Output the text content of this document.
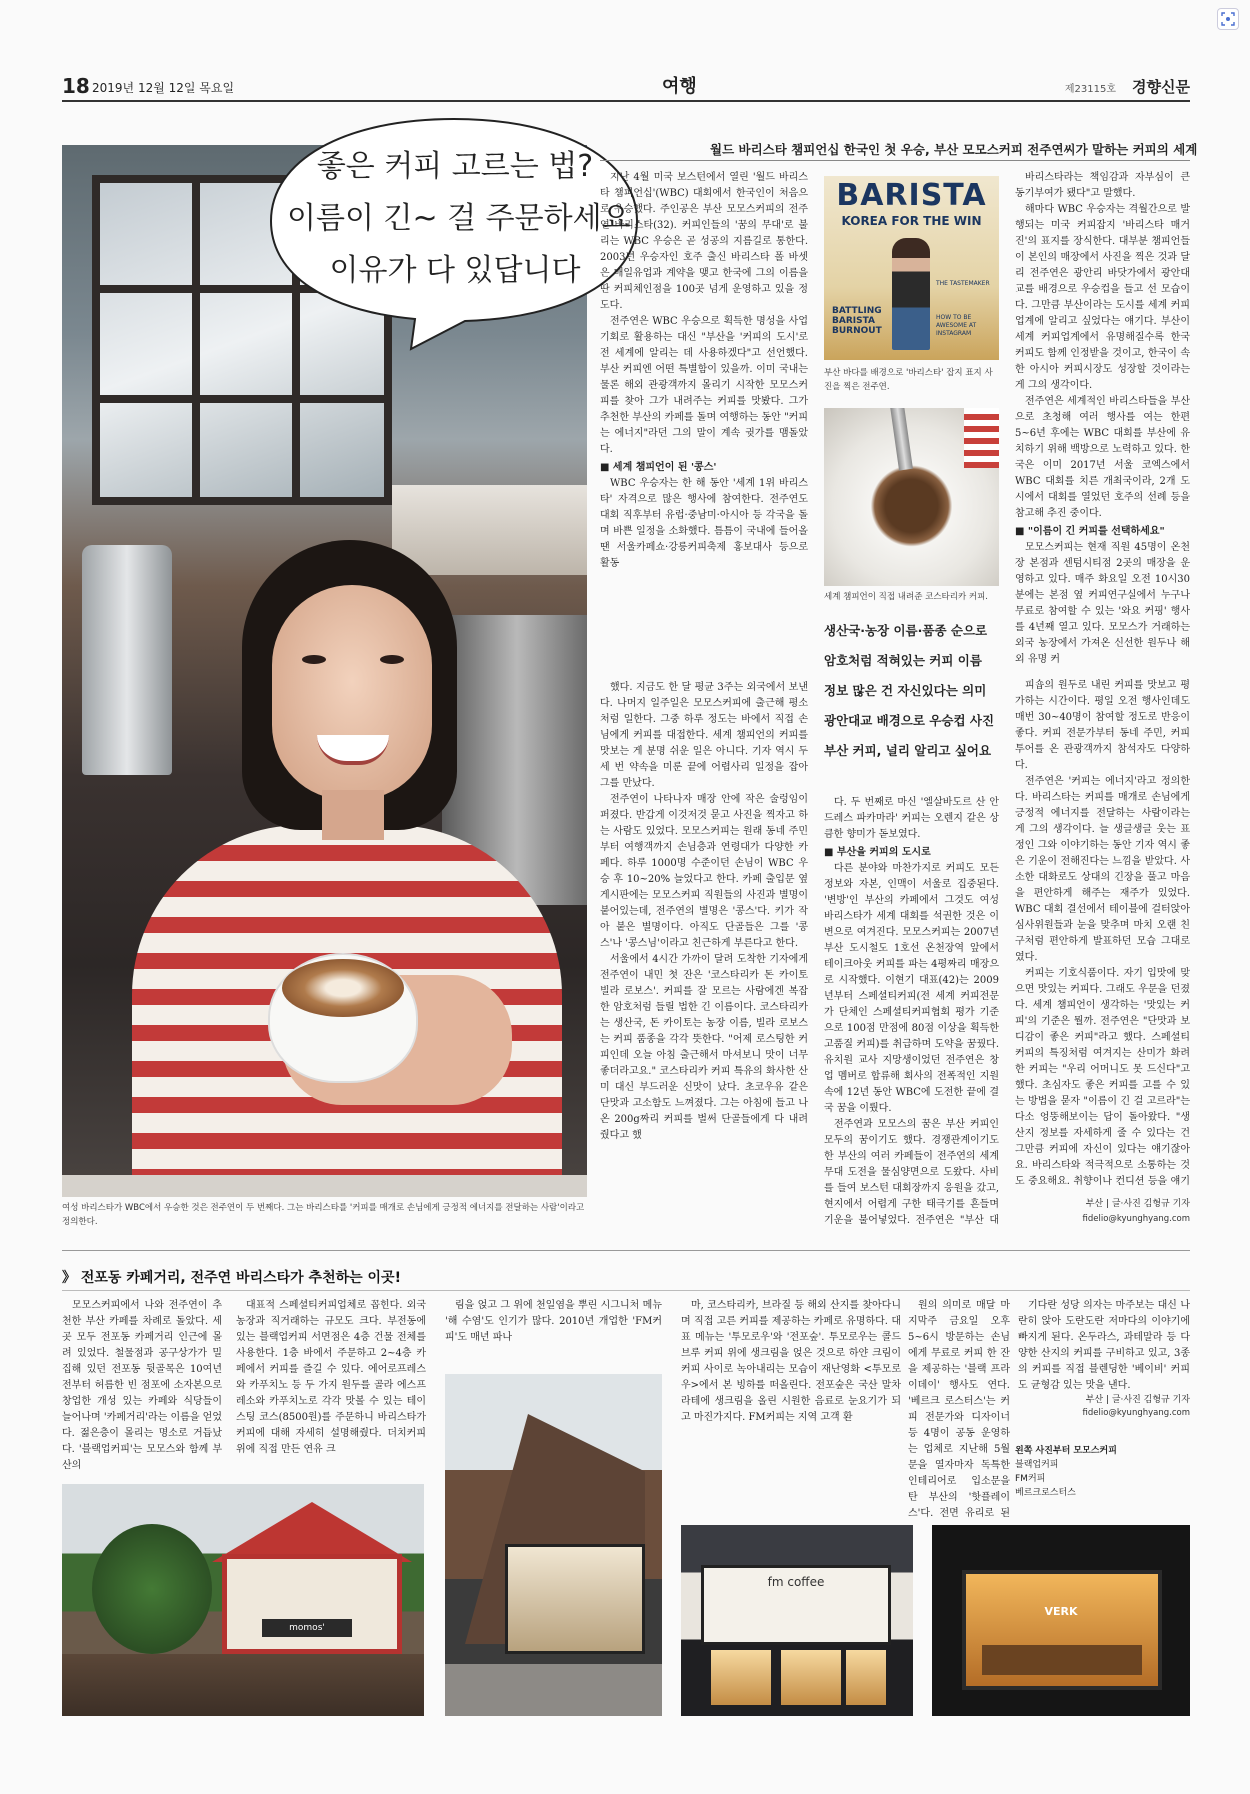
18 2019년 12월 12일 목요일	여행	제23115호 경향신문
좋은 커피 고르는 법?
이름이 긴~ 걸 주문하세요
이유가 다 있답니다
여성 바리스타가 WBC에서 우승한 것은 전주연이 두 번째다. 그는 바리스타를 '커피를 매개로 손님에게 긍정적 에너지를 전달하는 사람'이라고 정의한다.
월드 바리스타 챔피언십 한국인 첫 우승, 부산 모모스커피 전주연씨가 말하는 커피의 세계

지난 4월 미국 보스턴에서 열린 '월드 바리스타 챔피언십'(WBC) 대회에서 한국인이 처음으로 우승했다. 주인공은 부산 모모스커피의 전주연 바리스타(32). 커피인들의 '꿈의 무대'로 불리는 WBC 우승은 곧 성공의 지름길로 통한다. 2003년 우승자인 호주 출신 바리스타 폴 바셋은 매일유업과 계약을 맺고 한국에 그의 이름을 딴 커피체인점을 100곳 넘게 운영하고 있을 정도다.

전주연은 WBC 우승으로 획득한 명성을 사업 기회로 활용하는 대신 "부산을 '커피의 도시'로 전 세계에 알리는 데 사용하겠다"고 선언했다. 부산 커피엔 어떤 특별함이 있을까. 이미 국내는 물론 해외 관광객까지 몰리기 시작한 모모스커피를 찾아 그가 내려주는 커피를 맛봤다. 그가 추천한 부산의 카페를 돌며 여행하는 동안 "커피는 에너지"라던 그의 말이 계속 귓가를 맴돌았다.

■ 세계 챔피언이 된 '콩스'

WBC 우승자는 한 해 동안 '세계 1위 바리스타' 자격으로 많은 행사에 참여한다. 전주연도 대회 직후부터 유럽·중남미·아시아 등 각국을 돌며 바쁜 일정을 소화했다. 틈틈이 국내에 들어올 땐 서울카페쇼·강릉커피축제 홍보대사 등으로 활동

BARISTA
KOREA FOR THE WIN
THE TASTEMAKER
BATTLING BARISTA BURNOUT
HOW TO BE AWESOME AT INSTAGRAM
부산 바다를 배경으로 '바리스타' 잡지 표지 사진을 찍은 전주연.
세계 챔피언이 직접 내려준 코스타리카 커피.
생산국·농장 이름·품종 순으로
암호처럼 적혀있는 커피 이름
정보 많은 건 자신있다는 의미
광안대교 배경으로 우승컵 사진
부산 커피, 널리 알리고 싶어요

했다. 지금도 한 달 평균 3주는 외국에서 보낸다. 나머지 일주일은 모모스커피에 출근해 평소처럼 일한다. 그중 하루 정도는 바에서 직접 손님에게 커피를 대접한다. 세계 챔피언의 커피를 맛보는 게 분명 쉬운 일은 아니다. 기자 역시 두세 번 약속을 미룬 끝에 어렵사리 일정을 잡아 그를 만났다.

전주연이 나타나자 매장 안에 작은 술렁임이 퍼졌다. 반갑게 이것저것 묻고 사진을 찍자고 하는 사람도 있었다. 모모스커피는 원래 동네 주민부터 여행객까지 손님층과 연령대가 다양한 카페다. 하루 1000명 수준이던 손님이 WBC 우승 후 10~20% 늘었다고 한다. 카페 출입문 옆 게시판에는 모모스커피 직원들의 사진과 별명이 붙어있는데, 전주연의 별명은 '콩스'다. 키가 작아 붙은 별명이다. 아직도 단골들은 그를 '콩스'나 '콩스님'이라고 친근하게 부른다고 한다.

서울에서 4시간 가까이 달려 도착한 기자에게 전주연이 내민 첫 잔은 '코스타리카 돈 카이토 빌라 로보스'. 커피를 잘 모르는 사람에겐 복잡한 암호처럼 들릴 법한 긴 이름이다. 코스타리카는 생산국, 돈 카이토는 농장 이름, 빌라 로보스는 커피 품종을 각각 뜻한다. "어제 로스팅한 커피인데 오늘 아침 출근해서 마셔보니 맛이 너무 좋더라고요." 코스타리카 커피 특유의 화사한 산미 대신 부드러운 신맛이 났다. 초코우유 같은 단맛과 고소함도 느껴졌다. 그는 아침에 들고 나온 200g짜리 커피를 벌써 단골들에게 다 내려줬다고 했

다. 두 번째로 마신 '엘살바도르 산 안드레스 파카마라' 커피는 오렌지 같은 상큼한 향미가 돋보였다.

■ 부산을 커피의 도시로

다른 분야와 마찬가지로 커피도 모든 정보와 자본, 인맥이 서울로 집중된다. '변방'인 부산의 카페에서 그것도 여성 바리스타가 세계 대회를 석권한 것은 이변으로 여겨진다. 모모스커피는 2007년 부산 도시철도 1호선 온천장역 앞에서 테이크아웃 커피를 파는 4평짜리 매장으로 시작했다. 이현기 대표(42)는 2009년부터 스페셜티커피(전 세계 커피전문가 단체인 스페셜티커피협회 평가 기준으로 100점 만점에 80점 이상을 획득한 고품질 커피)를 취급하며 도약을 꿈꿨다. 유치원 교사 지망생이었던 전주연은 창업 멤버로 합류해 회사의 전폭적인 지원 속에 12년 동안 WBC에 도전한 끝에 결국 꿈을 이뤘다.

전주연과 모모스의 꿈은 부산 커피인 모두의 꿈이기도 했다. 경쟁관계이기도 한 부산의 여러 카페들이 전주연의 세계 무대 도전을 물심양면으로 도왔다. 사비를 들여 보스턴 대회장까지 응원을 갔고, 현지에서 어렵게 구한 태극기를 흔들며 기운을 불어넣었다. 전주연은 "부산 대

바리스타라는 책임감과 자부심이 큰 동기부여가 됐다"고 말했다.

해마다 WBC 우승자는 격월간으로 발행되는 미국 커피잡지 '바리스타 매거진'의 표지를 장식한다. 대부분 챔피언들이 본인의 매장에서 사진을 찍은 것과 달리 전주연은 광안리 바닷가에서 광안대교를 배경으로 우승컵을 들고 선 모습이다. 그만큼 부산이라는 도시를 세계 커피업계에 알리고 싶었다는 얘기다. 부산이 세계 커피업계에서 유명해질수록 한국 커피도 함께 인정받을 것이고, 한국이 속한 아시아 커피시장도 성장할 것이라는 게 그의 생각이다.

전주연은 세계적인 바리스타들을 부산으로 초청해 여러 행사를 여는 한편 5~6년 후에는 WBC 대회를 부산에 유치하기 위해 백방으로 노력하고 있다. 한국은 이미 2017년 서울 코엑스에서 WBC 대회를 치른 개최국이라, 2개 도시에서 대회를 열었던 호주의 선례 등을 참고해 추진 중이다.

■ "이름이 긴 커피를 선택하세요"

모모스커피는 현재 직원 45명이 온천장 본점과 센텀시티점 2곳의 매장을 운영하고 있다. 매주 화요일 오전 10시30분에는 본점 옆 커피연구실에서 누구나 무료로 참여할 수 있는 '와요 커핑' 행사를 4년째 열고 있다. 모모스가 거래하는 외국 농장에서 가져온 신선한 원두나 해외 유명 커

피숍의 원두로 내린 커피를 맛보고 평가하는 시간이다. 평일 오전 행사인데도 매번 30~40명이 참여할 정도로 반응이 좋다. 커피 전문가부터 동네 주민, 커피투어를 온 관광객까지 참석자도 다양하다.

전주연은 '커피는 에너지'라고 정의한다. 바리스타는 커피를 매개로 손님에게 긍정적 에너지를 전달하는 사람이라는 게 그의 생각이다. 늘 생글생글 웃는 표정인 그와 이야기하는 동안 기자 역시 좋은 기운이 전해진다는 느낌을 받았다. 사소한 대화로도 상대의 긴장을 풀고 마음을 편안하게 해주는 재주가 있었다. WBC 대회 결선에서 테이블에 걸터앉아 심사위원들과 눈을 맞추며 마치 오랜 친구처럼 편안하게 발표하던 모습 그대로였다.

커피는 기호식품이다. 자기 입맛에 맞으면 맛있는 커피다. 그래도 우문을 던졌다. 세계 챔피언이 생각하는 '맛있는 커피'의 기준은 뭘까. 전주연은 "단맛과 보디감이 좋은 커피"라고 했다. 스페셜티커피의 특징처럼 여겨지는 산미가 화려한 커피는 "우리 어머니도 못 드신다"고 했다. 초심자도 좋은 커피를 고를 수 있는 방법을 묻자 "이름이 긴 걸 고르라"는 다소 엉뚱해보이는 답이 돌아왔다. "생산지 정보를 자세하게 줄 수 있다는 건 그만큼 커피에 자신이 있다는 얘기잖아요. 바리스타와 적극적으로 소통하는 것도 중요해요. 취향이나 컨디션 등을 얘기

부산 | 글·사진 김형규 기자
fidelio@kyunghyang.com
》 전포동 카페거리, 전주연 바리스타가 추천하는 이곳!

모모스커피에서 나와 전주연이 추천한 부산 카페를 차례로 돌았다. 세 곳 모두 전포동 카페거리 인근에 몰려 있었다. 철물점과 공구상가가 밀집해 있던 전포동 뒷골목은 10여년 전부터 허름한 빈 점포에 소자본으로 창업한 개성 있는 카페와 식당들이 늘어나며 '카페거리'라는 이름을 얻었다. 젊은층이 몰리는 명소로 거듭났다. '블랙업커피'는 모모스와 함께 부산의

대표적 스페셜티커피업체로 꼽힌다. 외국 농장과 직거래하는 규모도 크다. 부전동에 있는 블랙업커피 서면점은 4층 건물 전체를 사용한다. 1층 바에서 주문하고 2~4층 카페에서 커피를 즐길 수 있다. 에어로프레스와 카푸치노 등 두 가지 원두를 골라 에스프레소와 카푸치노로 각각 맛볼 수 있는 테이스팅 코스(8500원)를 주문하니 바리스타가 커피에 대해 자세히 설명해줬다. 더치커피 위에 직접 만든 연유 크

림을 얹고 그 위에 천일염을 뿌린 시그니처 메뉴 '해 수염'도 인기가 많다. 2010년 개업한 'FM커피'도 매년 파나

마, 코스타리카, 브라질 등 해외 산지를 찾아다니며 직접 고른 커피를 제공하는 카페로 유명하다. 대표 메뉴는 '투모로우'와 '전포숲'. 투모로우는 콜드브루 커피 위에 생크림을 얹은 것으로 하얀 크림이 커피 사이로 녹아내리는 모습이 재난영화 <투모로우>에서 본 빙하를 떠올린다. 전포숲은 국산 말차라테에 생크림을 올린 시원한 음료로 눈요기가 되고 마진가지다. FM커피는 지역 고객 환

원의 의미로 매달 마지막주 금요일 오후 5~6시 방문하는 손님에게 무료로 커피 한 잔을 제공하는 '블랙 프라이데이' 행사도 연다. '베르크 로스터스'는 커피 전문가와 디자이너 등 4명이 공동 운영하는 업체로 지난해 5월 문을 열자마자 독특한 인테리어로 입소문을 탄 부산의 '핫플레이스'다. 전면 유리로 된

기다란 성당 의자는 마주보는 대신 나란히 앉아 도란도란 저마다의 이야기에 빠지게 된다. 온두라스, 과테말라 등 다양한 산지의 커피를 구비하고 있고, 3종의 커피를 직접 블렌딩한 '베이비' 커피도 균형감 있는 맛을 낸다.

부산 | 글·사진 김형규 기자
fidelio@kyunghyang.com
왼쪽 사진부터 모모스커피
블랙업커피
FM커피
베르크로스터스
momos'
fm coffee
VERK
